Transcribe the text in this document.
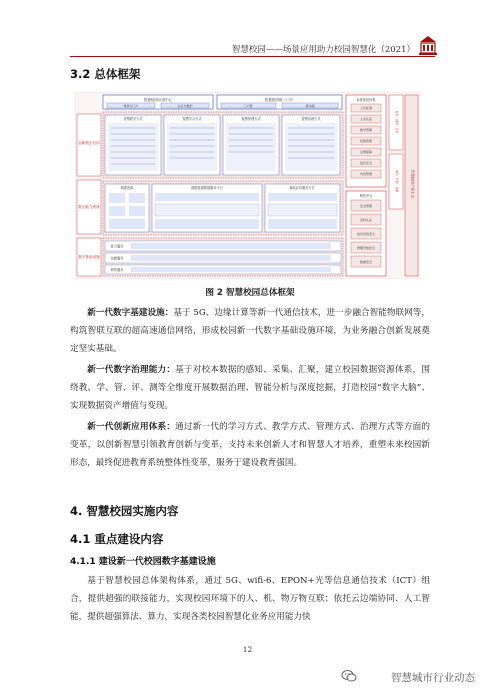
智慧校园——场景应用助力校园智慧化（2021）
3.2 总体框架
智慧校园应用中心
转移与门户	运行与维护
智慧校园统一门户
门户管	移动端
创新数字应用
数字能力底座
数字基础设施
智慧教学方式	智慧学习方式	智慧管理方式	智慧治理方式
数据资源	数据资源数据服务平台	基础应用服务平台
算力服务
存储服务
网络服务
标准规范体系
人员标准
人员认证
教学管理
校园资源
运维保障
信息安全
内容管理
网络安全
安全管理
身份认证
信息系统安全
物理设施安全
数据安全
技术、组织、运营
体制、机制、保障	智慧校园产业生态
图 2 智慧校园总体框架

新一代数字基建设施：基于 5G、边缘计算等新一代通信技术，进一步融合智能物联网等，构筑智联互联的超高速通信网络，形成校园新一代数字基础设施环境，为业务融合创新发展奠定坚实基础。

新一代数字治理能力：基于对校本数据的感知、采集、汇聚，建立校园数据资源体系，围绕教、学、管、评、测等全维度开展数据治理、智能分析与深度挖掘，打造校园“数字大脑”、实现数据资产增值与变现。

新一代创新应用体系：通过新一代的学习方式、教学方式、管理方式、治理方式等方面的变革，以创新智慧引领教育创新与变革，支持未来创新人才和智慧人才培养，重塑未来校园新形态，最终促进教育系统整体性变革，服务于建设教育强国。

4. 智慧校园实施内容
4.1 重点建设内容
4.1.1 建设新一代校园数字基建设施

基于智慧校园总体架构体系，通过 5G、wifi-6、EPON+光等信息通信技术（ICT）组合，提供超强的联接能力，实现校园环境下的人、机、物万物互联；依托云边端协同、人工智能，提供超强算法、算力，实现各类校园智慧化业务应用能力快

12
智慧城市行业动态
